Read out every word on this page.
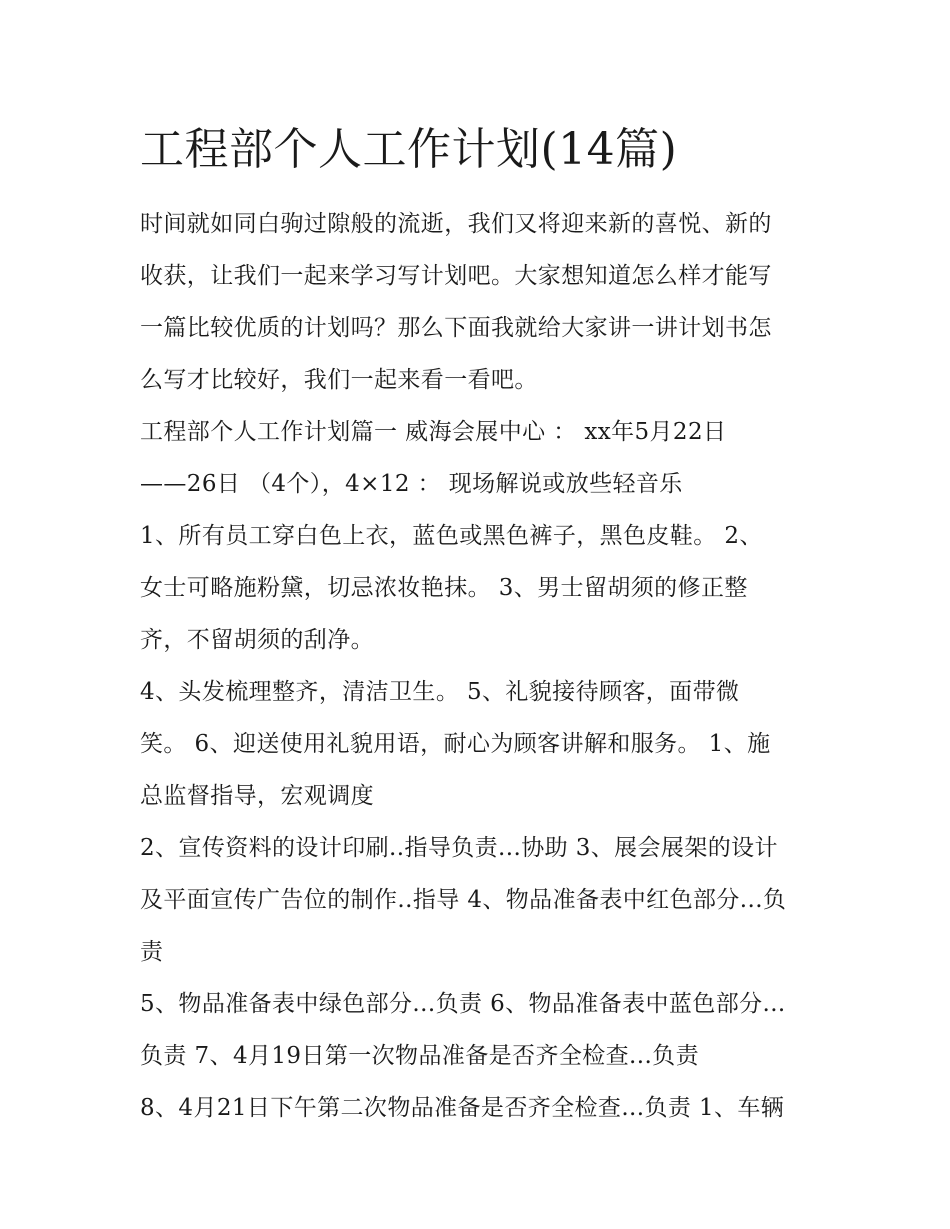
工程部个人工作计划(14篇)
时间就如同白驹过隙般的流逝，我们又将迎来新的喜悦、新的
收获，让我们一起来学习写计划吧。大家想知道怎么样才能写
一篇比较优质的计划吗？那么下面我就给大家讲一讲计划书怎
么写才比较好，我们一起来看一看吧。
工程部个人工作计划篇一 威海会展中心 ： xx年5月22日
——26日 （4个），4×12 ： 现场解说或放些轻音乐
1、所有员工穿白色上衣，蓝色或黑色裤子，黑色皮鞋。 2、
女士可略施粉黛，切忌浓妆艳抹。 3、男士留胡须的修正整
齐，不留胡须的刮净。
4、头发梳理整齐，清洁卫生。 5、礼貌接待顾客，面带微
笑。 6、迎送使用礼貌用语，耐心为顾客讲解和服务。 1、施
总监督指导，宏观调度
2、宣传资料的设计印刷..指导负责...协助 3、展会展架的设计
及平面宣传广告位的制作..指导 4、物品准备表中红色部分...负
责
5、物品准备表中绿色部分...负责 6、物品准备表中蓝色部分...
负责 7、4月19日第一次物品准备是否齐全检查...负责
8、4月21日下午第二次物品准备是否齐全检查...负责 1、车辆
